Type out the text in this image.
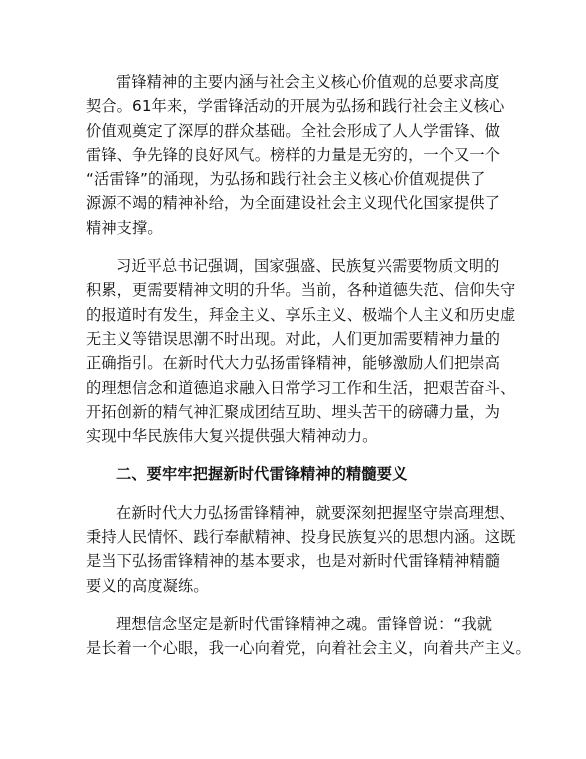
雷锋精神的主要内涵与社会主义核心价值观的总要求高度
契合。61年来，学雷锋活动的开展为弘扬和践行社会主义核心
价值观奠定了深厚的群众基础。全社会形成了人人学雷锋、做
雷锋、争先锋的良好风气。榜样的力量是无穷的，一个又一个
“活雷锋”的涌现，为弘扬和践行社会主义核心价值观提供了
源源不竭的精神补给，为全面建设社会主义现代化国家提供了
精神支撑。
习近平总书记强调，国家强盛、民族复兴需要物质文明的
积累，更需要精神文明的升华。当前，各种道德失范、信仰失守
的报道时有发生，拜金主义、享乐主义、极端个人主义和历史虚
无主义等错误思潮不时出现。对此，人们更加需要精神力量的
正确指引。在新时代大力弘扬雷锋精神，能够激励人们把崇高
的理想信念和道德追求融入日常学习工作和生活，把艰苦奋斗、
开拓创新的精气神汇聚成团结互助、埋头苦干的磅礴力量，为
实现中华民族伟大复兴提供强大精神动力。
二、要牢牢把握新时代雷锋精神的精髓要义
在新时代大力弘扬雷锋精神，就要深刻把握坚守崇高理想、
秉持人民情怀、践行奉献精神、投身民族复兴的思想内涵。这既
是当下弘扬雷锋精神的基本要求，也是对新时代雷锋精神精髓
要义的高度凝练。
理想信念坚定是新时代雷锋精神之魂。雷锋曾说：“我就
是长着一个心眼，我一心向着党，向着社会主义，向着共产主义。
